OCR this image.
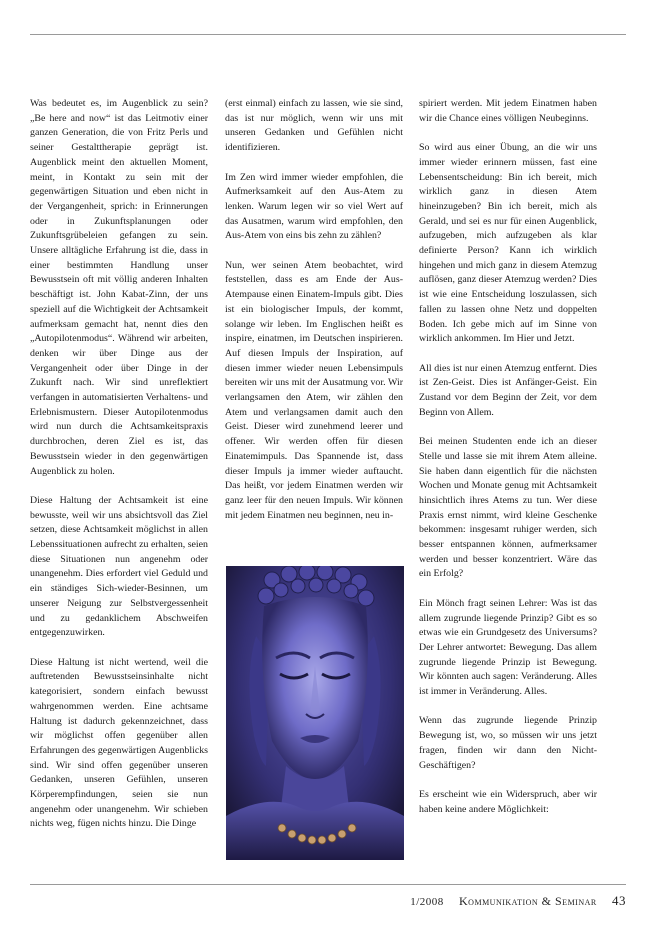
Was bedeutet es, im Augenblick zu sein? „Be here and now“ ist das Leitmotiv einer ganzen Generation, die von Fritz Perls und seiner Gestalttherapie geprägt ist. Augenblick meint den aktuellen Moment, meint, in Kontakt zu sein mit der gegenwärtigen Situation und eben nicht in der Vergangenheit, sprich: in Erinnerungen oder in Zukunftsplanungen oder Zukunftsgrübeleien gefangen zu sein. Unsere alltägliche Erfahrung ist die, dass in einer bestimmten Handlung unser Bewusstsein oft mit völlig anderen Inhalten beschäftigt ist. John Kabat-Zinn, der uns speziell auf die Wichtigkeit der Achtsamkeit aufmerksam gemacht hat, nennt dies den „Autopilotenmodus“. Während wir arbeiten, denken wir über Dinge aus der Vergangenheit oder über Dinge in der Zukunft nach. Wir sind unreflektiert verfangen in automatisierten Verhaltens- und Erlebnismustern. Dieser Autopilotenmodus wird nun durch die Achtsamkeitspraxis durchbrochen, deren Ziel es ist, das Bewusstsein wieder in den gegenwärtigen Augenblick zu holen.

Diese Haltung der Achtsamkeit ist eine bewusste, weil wir uns absichtsvoll das Ziel setzen, diese Achtsamkeit möglichst in allen Lebenssituationen aufrecht zu erhalten, seien diese Situationen nun angenehm oder unangenehm. Dies erfordert viel Geduld und ein ständiges Sich-wieder-Besinnen, um unserer Neigung zur Selbstvergessenheit und zu gedanklichem Abschweifen entgegenzuwirken.

Diese Haltung ist nicht wertend, weil die auftretenden Bewusstseinsinhalte nicht kategorisiert, sondern einfach bewusst wahrgenommen werden. Eine achtsame Haltung ist dadurch gekennzeichnet, dass wir möglichst offen gegenüber allen Erfahrungen des gegenwärtigen Augenblicks sind. Wir sind offen gegenüber unseren Gedanken, unseren Gefühlen, unseren Körperempfindungen, seien sie nun angenehm oder unangenehm. Wir schieben nichts weg, fügen nichts hinzu. Die Dinge

(erst einmal) einfach zu lassen, wie sie sind, das ist nur möglich, wenn wir uns mit unseren Gedanken und Gefühlen nicht identifizieren.

Im Zen wird immer wieder empfohlen, die Aufmerksamkeit auf den Aus-Atem zu lenken. Warum legen wir so viel Wert auf das Ausatmen, warum wird empfohlen, den Aus-Atem von eins bis zehn zu zählen?

Nun, wer seinen Atem beobachtet, wird feststellen, dass es am Ende der Aus-Atempause einen Einatem-Impuls gibt. Dies ist ein biologischer Impuls, der kommt, solange wir leben. Im Englischen heißt es inspire, einatmen, im Deutschen inspirieren. Auf diesen Impuls der Inspiration, auf diesen immer wieder neuen Lebensimpuls bereiten wir uns mit der Ausatmung vor. Wir verlangsamen den Atem, wir zählen den Atem und verlangsamen damit auch den Geist. Dieser wird zunehmend leerer und offener. Wir werden offen für diesen Einatemimpuls. Das Spannende ist, dass dieser Impuls ja immer wieder auftaucht. Das heißt, vor jedem Einatmen werden wir ganz leer für den neuen Impuls. Wir können mit jedem Einatmen neu beginnen, neu in-

spiriert werden. Mit jedem Einatmen haben wir die Chance eines völligen Neubeginns.

So wird aus einer Übung, an die wir uns immer wieder erinnern müssen, fast eine Lebensentscheidung: Bin ich bereit, mich wirklich ganz in diesen Atem hineinzugeben? Bin ich bereit, mich als Gerald, und sei es nur für einen Augenblick, aufzugeben, mich aufzugeben als klar definierte Person? Kann ich wirklich hingehen und mich ganz in diesem Atemzug auflösen, ganz dieser Atemzug werden? Dies ist wie eine Entscheidung loszulassen, sich fallen zu lassen ohne Netz und doppelten Boden. Ich gebe mich auf im Sinne von wirklich ankommen. Im Hier und Jetzt.

All dies ist nur einen Atemzug entfernt. Dies ist Zen-Geist. Dies ist Anfänger-Geist. Ein Zustand vor dem Beginn der Zeit, vor dem Beginn von Allem.

Bei meinen Studenten ende ich an dieser Stelle und lasse sie mit ihrem Atem alleine. Sie haben dann eigentlich für die nächsten Wochen und Monate genug mit Achtsamkeit hinsichtlich ihres Atems zu tun. Wer diese Praxis ernst nimmt, wird kleine Geschenke bekommen: insgesamt ruhiger werden, sich besser entspannen können, aufmerksamer werden und besser konzentriert. Wäre das ein Erfolg?

Ein Mönch fragt seinen Lehrer: Was ist das allem zugrunde liegende Prinzip? Gibt es so etwas wie ein Grundgesetz des Universums? Der Lehrer antwortet: Bewegung. Das allem zugrunde liegende Prinzip ist Bewegung. Wir könnten auch sagen: Veränderung. Alles ist immer in Veränderung. Alles.

Wenn das zugrunde liegende Prinzip Bewegung ist, wo, so müssen wir uns jetzt fragen, finden wir dann den Nicht-Geschäftigen?

Es erscheint wie ein Widerspruch, aber wir haben keine andere Möglichkeit:

1/2008 Kommunikation & Seminar 43
